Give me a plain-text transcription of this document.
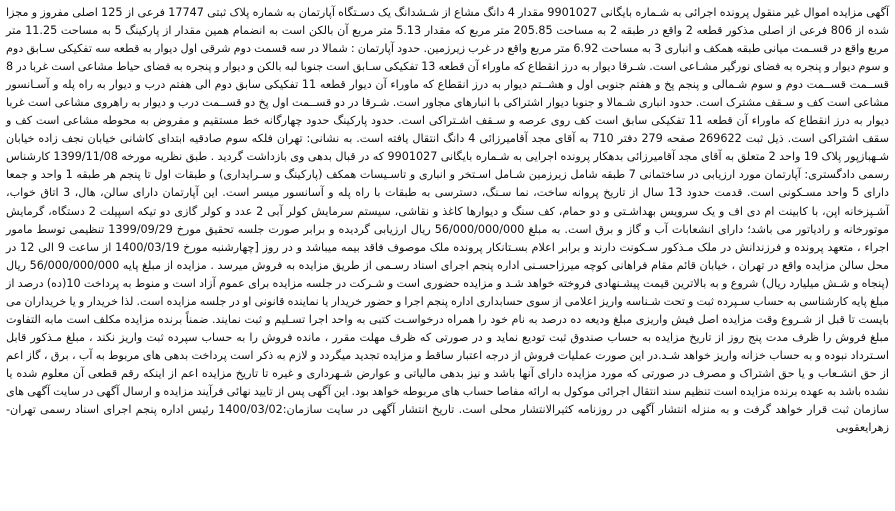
آگهی مزایده اموال غیر منقول پرونده اجرائی به شـماره بایگانی 9901027 مقدار 4 دانگ مشاع از شـشدانگ یک دسـتگاه آپارتمان به شماره پلاک ثبتی 17747 فرعی از 125 اصلی مفروز و مجزا شده از 806 فرعی از اصلی مذکور قطعه 2 واقع در طبقه 2 به مساحت 205.85 متر مربع که مقدار 5.13 متر مربع آن بالکن است به انضمام همین مقدار از پارکینگ 5 به مساحت 11.25 متر مربع واقع در قسـمت میانی طبقه همکف و انباری 3 به مساحت 6.92 متر مربع واقع در غرب زیرزمین. حدود آپارتمان : شمالا در سه قسمت دوم شرقی اول دیوار به قطعه سه تفکیکی سـابق دوم و سوم دیوار و پنجره به فضای نورگیر مشـاعی است. شـرقا دیوار به درز انقطاع که ماوراء آن قطعه 13 تفکیکی سـابق است جنوبا لبه بالکن و دیوار و پنجره به فضای حیاط مشاعی است غربا در 8 قســمت قســمت دوم و سوم شـمالی و پنجم پخ و هفتم جنوبی اول و هشــتم دیوار به درز انقطاع که ماوراء آن دیوار قطعه 11 تفکیکی سابق دوم الی هفتم درب و دیوار به راه پله و آسـانسور مشاعی است کف و سـقف مشترک است. حدود انباری شـمالا و جنوبا دیوار اشتراکی با انبارهای مجاور است. شـرقا در دو قســمت اول پخ دو قســمت درب و دیوار به راهروی مشاعی است غربا دیوار به درز انقطاع که ماوراء آن قطعه 11 تفکیکی سابق است کف روی عرصه و سـقف اشـتراکی است. حدود پارکینگ حدود چهارگانه خط مستقیم و مفروض به محوطه مشاعی است کف و سقف اشتراکی است. ذیل ثبت 269622 صفحه 279 دفتر 710 به آقای مجد آقامیرزائی 4 دانگ انتقال یافته است. به نشانی: تهران فلکه سوم صادقیه ابتدای کاشانی خیابان نجف زاده خیابان شـهبازپور پلاک 19 واحد 2 متعلق به آقای مجد آقامیرزائی بدهکار پرونده اجرایی به شـماره بایگانی 9901027 که در قبال بدهی وی بازداشت گردید . طبق نظریه مورخه 1399/11/08 کارشناس رسمی دادگستری: آپارتمان مورد ارزیابی در ساختمانی 7 طبقه شامل زیرزمین شـامل اسـتخر و انباری و تاسـیسات همکف (پارکینگ و سـرایداری) و طبقات اول تا پنجم هر طبقه 1 واحد و جمعا دارای 5 واحد مسـکونی است. قدمت حدود 13 سال از تاریخ پروانه ساخت، نما سـنگ، دسترسی به طبقات با راه پله و آسانسور میسر است. این آپارتمان دارای سالن، هال، 3 اتاق خواب، آشـپزخانه اپن، با کابینت ام دی اف و یک سرویس بهداشـتی و دو حمام، کف سنگ و دیوارها کاغذ و نقاشی، سیستم سرمایش کولر آبی 2 عدد و کولر گازی دو تیکه اسپیلت 2 دستگاه، گرمایش موتورخانه و رادیاتور می باشد؛ دارای انشعابات آب و گاز و برق است. به مبلغ 56/000/000/000 ریال ارزیابی گردیده و برابر صورت جلسه تحقیق مورخ 1399/09/29 تنظیمی توسط مامور اجراء ، متعهد پرونده و فرزندانش در ملک مـذکور سـکونت دارند و برابر اعلام بسـتانکار پرونده ملک موصوف فاقد بیمه میباشد و در روز [چهارشنبه مورخ 1400/03/19 از ساعت 9 الی 12 در محل سالن مزایده واقع در تهران ، خیابان قائم مقام فراهانی کوچه میرزاحسـنی اداره پنجم اجرای اسناد رسـمی از طریق مزایده به فروش میرسد . مزایده از مبلغ پایه 56/000/000/000 ریال (پنجاه و شـش میلیارد ریال) شروع و به بالاترین قیمت پیشـنهادی فروخته خواهد شـد و مزایده حضوری است و شـرکت در جلسه مزایده برای عموم آزاد است و منوط به پرداخت 10(ده) درصد از مبلغ پایه کارشناسی به حساب سـپرده ثبت و تحت شـناسه واریز اعلامی از سوی حسابداری اداره پنجم اجرا و حضور خریدار یا نماینده قانونی او در جلسه مزایده است. لذا خریدار و یا خریداران می بایست تا قبل از شـروع وقت مزایده اصل فیش واریزی مبلغ ودیعه ده درصد به نام خود را همراه درخواسـت کتبی به واحد اجرا تسـلیم و ثبت نمایند. ضمناً برنده مزایده مکلف است مابه التفاوت مبلغ فروش را ظرف مدت پنج روز از تاریخ مزایده به حساب صندوق ثبت تودیع نماید و در صورتی که ظرف مهلت مقرر ، مانده فروش را به حساب سپرده ثبت واریز نکند ، مبلغ مـذکور قابل اسـترداد نبوده و به حساب خزانه واریز خواهد شـد.در این صورت عملیات فروش از درجه اعتبار ساقط و مزایده تجدید میگردد و لازم به ذکر است پرداخت بدهی های مربوط به آب ، برق ، گاز اعم از حق انشـعاب و یا حق اشتراک و مصرف در صورتی که مورد مزایده دارای آنها باشد و نیز بدهی مالیاتی و عوارض شـهرداری و غیره تا تاریخ مزایده اعم از اینکه رقم قطعی آن معلوم شده یا نشده باشد به عهده برنده مزایده است تنظیم سند انتقال اجرائی موکول به ارائه مفاصا حساب های مربوطه خواهد بود. این آگهی پس از تایید نهائی فرآیند مزایده و ارسال آگهی در سایت آگهی های سازمان ثبت قرار خواهد گرفت و به منزله انتشار آگهی در روزنامه کثیرالانتشار محلی است. تاریخ انتشار آگهی در سایت سازمان:1400/03/02 رئیس اداره پنجم اجرای اسناد رسمی تهران- زهرایعقوبی
